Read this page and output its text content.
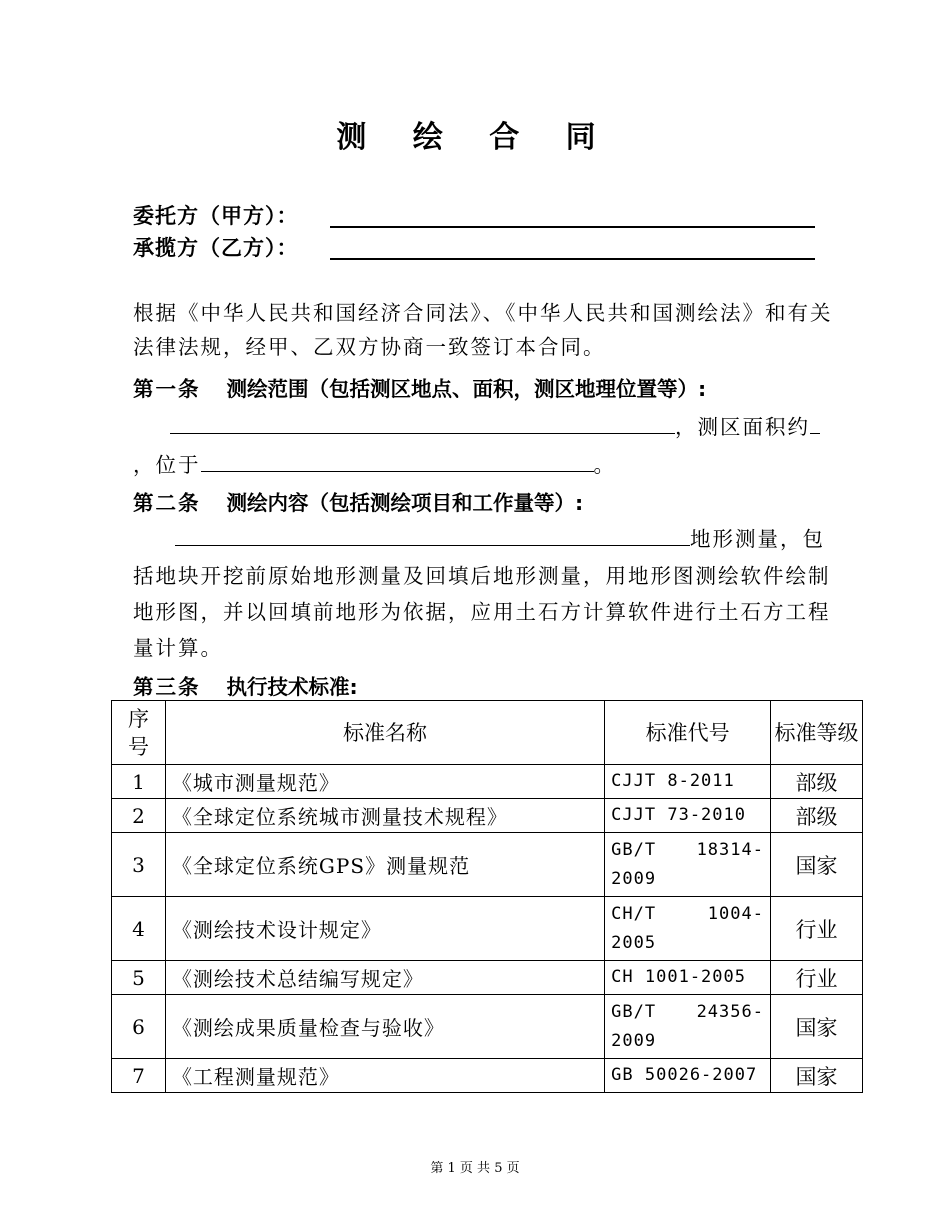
测 绘 合 同
委托方（甲方）：
承揽方（乙方）：
根据《中华人民共和国经济合同法》、《中华人民共和国测绘法》和有关法律法规，经甲、乙双方协商一致签订本合同。
第一条 测绘范围（包括测区地点、面积，测区地理位置等）:
，测区面积约
，位于	。
第二条 测绘内容（包括测绘项目和工作量等）:
地形测量，包
括地块开挖前原始地形测量及回填后地形测量，用地形图测绘软件绘制地形图，并以回填前地形为依据，应用土石方计算软件进行土石方工程量计算。
第三条 执行技术标准:
序号	标准名称	标准代号	标准等级

1	《城市测量规范》	CJJT 8-2011	部级
2	《全球定位系统城市测量技术规程》	CJJT 73-2010	部级
3	《全球定位系统GPS》测量规范	GB/T 18314-2009	国家
4	《测绘技术设计规定》	CH/T 1004-2005	行业
5	《测绘技术总结编写规定》	CH 1001-2005	行业
6	《测绘成果质量检查与验收》	GB/T 24356-2009	国家
7	《工程测量规范》	GB 50026-2007	国家
第 1 页 共 5 页
